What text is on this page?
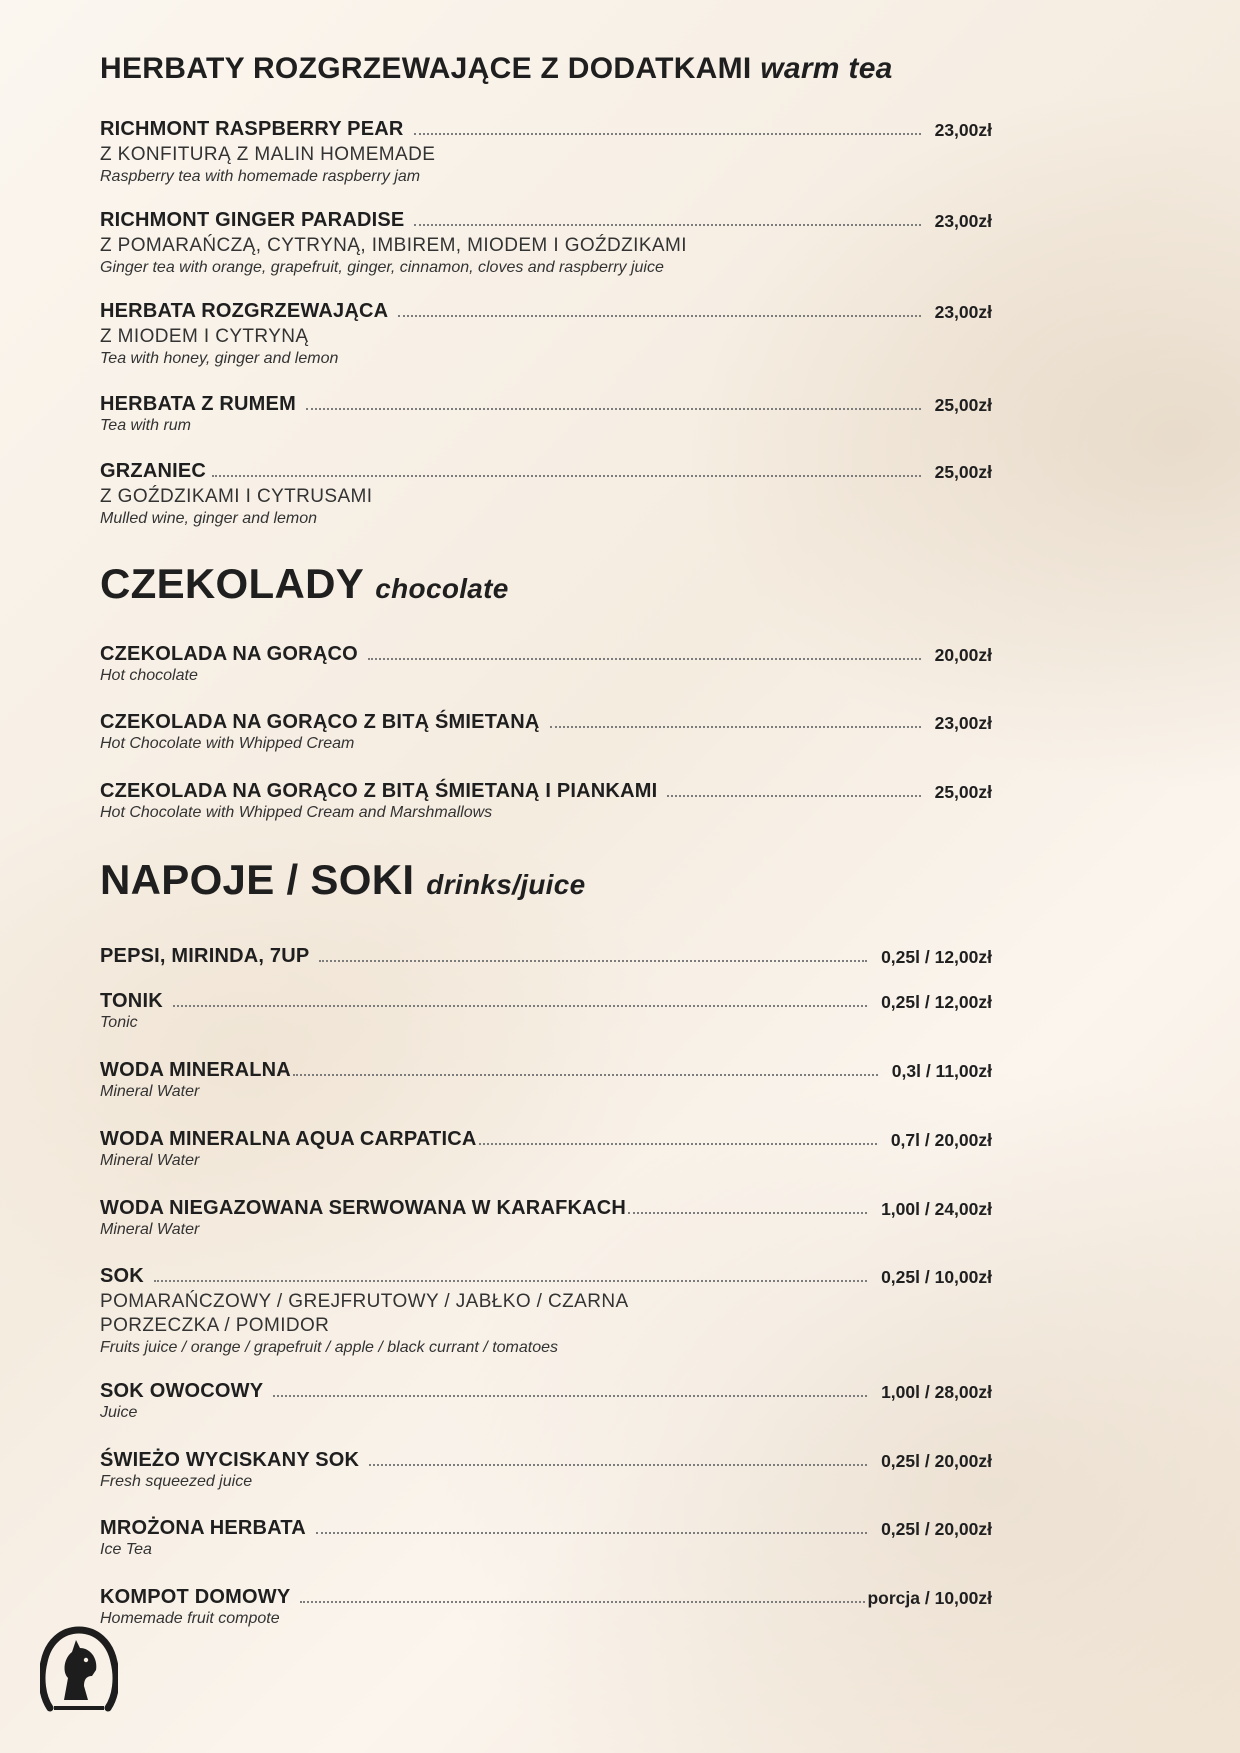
HERBATY ROZGRZEWAJĄCE Z DODATKAMI warm tea
RICHMONT RASPBERRY PEAR	23,00zł
Z KONFITURĄ Z MALIN HOMEMADE
Raspberry tea with homemade raspberry jam
RICHMONT GINGER PARADISE	23,00zł
Z POMARAŃCZĄ, CYTRYNĄ, IMBIREM, MIODEM I GOŹDZIKAMI
Ginger tea with orange, grapefruit, ginger, cinnamon, cloves and raspberry juice
HERBATA ROZGRZEWAJĄCA	23,00zł
Z MIODEM I CYTRYNĄ
Tea with honey, ginger and lemon
HERBATA Z RUMEM	25,00zł
Tea with rum
GRZANIEC	25,00zł
Z GOŹDZIKAMI I CYTRUSAMI
Mulled wine, ginger and lemon
CZEKOLADY chocolate
CZEKOLADA NA GORĄCO	20,00zł
Hot chocolate
CZEKOLADA NA GORĄCO Z BITĄ ŚMIETANĄ	23,00zł
Hot Chocolate with Whipped Cream
CZEKOLADA NA GORĄCO Z BITĄ ŚMIETANĄ I PIANKAMI	25,00zł
Hot Chocolate with Whipped Cream and Marshmallows
NAPOJE / SOKI drinks/juice
PEPSI, MIRINDA, 7UP	0,25l / 12,00zł
TONIK	0,25l / 12,00zł
Tonic
WODA MINERALNA	0,3l / 11,00zł
Mineral Water
WODA MINERALNA AQUA CARPATICA	0,7l / 20,00zł
Mineral Water
WODA NIEGAZOWANA SERWOWANA W KARAFKACH	1,00l / 24,00zł
Mineral Water
SOK	0,25l / 10,00zł
POMARAŃCZOWY / GREJFRUTOWY / JABŁKO / CZARNA PORZECZKA / POMIDOR
Fruits juice / orange / grapefruit / apple / black currant / tomatoes
SOK OWOCOWY	1,00l / 28,00zł
Juice
ŚWIEŻO WYCISKANY SOK	0,25l / 20,00zł
Fresh squeezed juice
MROŻONA HERBATA	0,25l / 20,00zł
Ice Tea
KOMPOT DOMOWY	porcja / 10,00zł
Homemade fruit compote
